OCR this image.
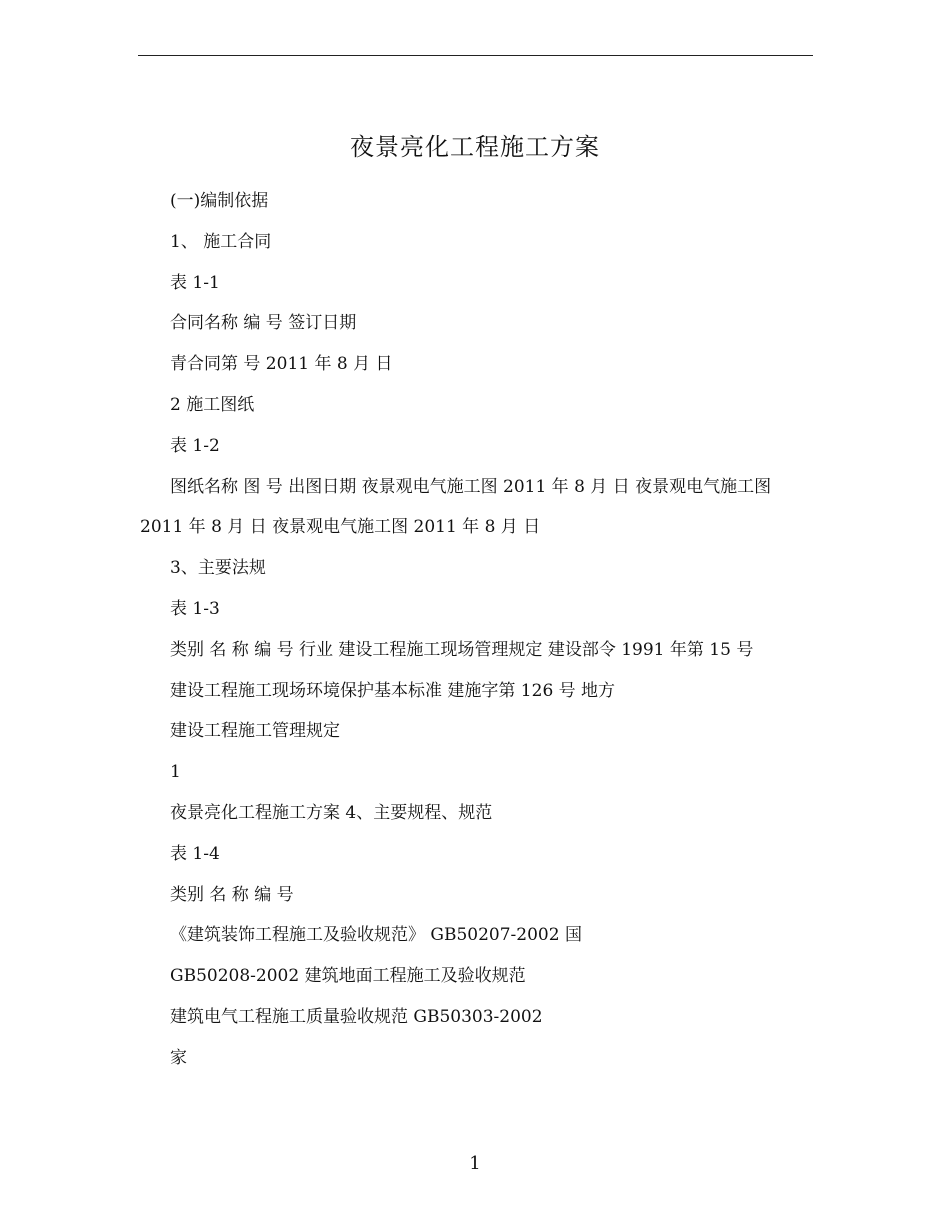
夜景亮化工程施工方案

(一)编制依据

1、 施工合同

表 1-1

合同名称 编 号 签订日期

青合同第 号 2011 年 8 月 日

2 施工图纸

表 1-2

图纸名称 图 号 出图日期 夜景观电气施工图 2011 年 8 月 日 夜景观电气施工图 2011 年 8 月 日 夜景观电气施工图 2011 年 8 月 日

3、主要法规

表 1-3

类别 名 称 编 号 行业 建设工程施工现场管理规定 建设部令 1991 年第 15 号

建设工程施工现场环境保护基本标准 建施字第 126 号 地方

建设工程施工管理规定

1

夜景亮化工程施工方案 4、主要规程、规范

表 1-4

类别 名 称 编 号

《建筑装饰工程施工及验收规范》 GB50207-2002 国

GB50208-2002 建筑地面工程施工及验收规范

建筑电气工程施工质量验收规范 GB50303-2002

家

1
